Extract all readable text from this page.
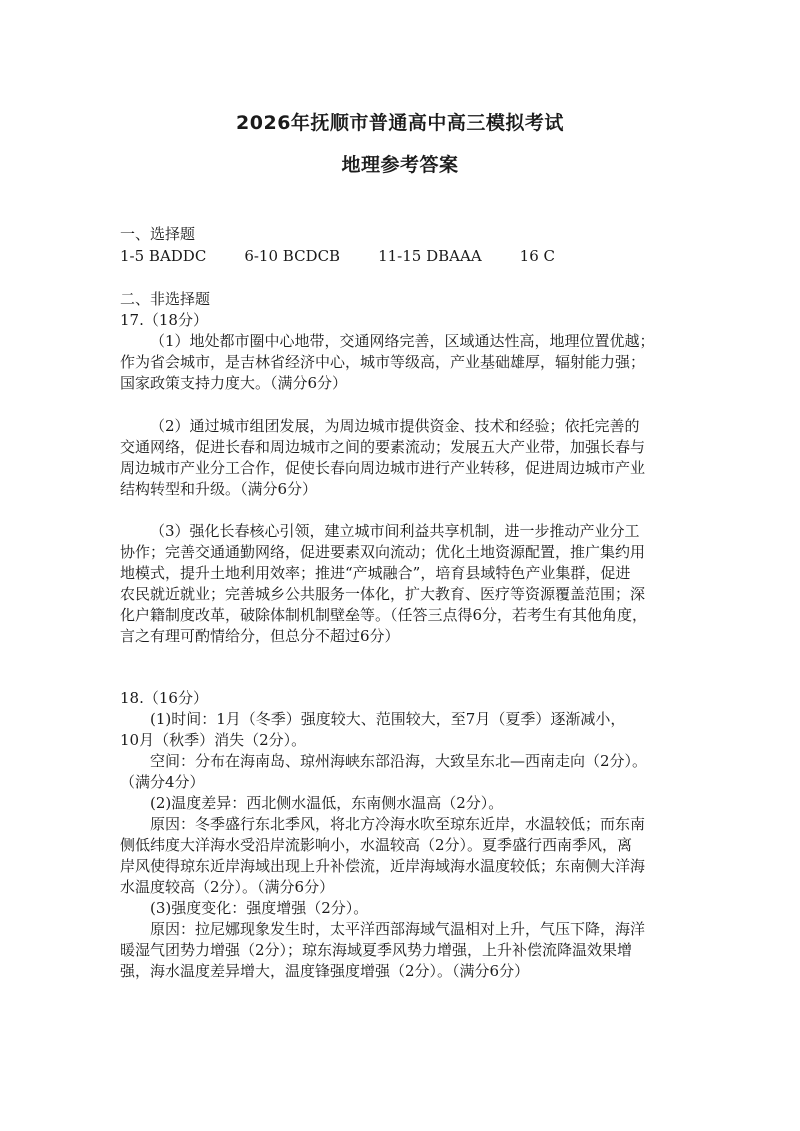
2026年抚顺市普通高中高三模拟考试
地理参考答案
一、选择题
1-5 BADDC	6-10 BCDCB	11-15 DBAAA	16 C
二、非选择题
17.（18分）
（1）地处都市圈中心地带，交通网络完善，区域通达性高，地理位置优越；
作为省会城市，是吉林省经济中心，城市等级高，产业基础雄厚，辐射能力强；
国家政策支持力度大。（满分6分）
（2）通过城市组团发展，为周边城市提供资金、技术和经验；依托完善的
交通网络，促进长春和周边城市之间的要素流动；发展五大产业带，加强长春与
周边城市产业分工合作，促使长春向周边城市进行产业转移，促进周边城市产业
结构转型和升级。（满分6分）
（3）强化长春核心引领，建立城市间利益共享机制，进一步推动产业分工
协作；完善交通通勤网络，促进要素双向流动；优化土地资源配置，推广集约用
地模式，提升土地利用效率；推进“产城融合”，培育县域特色产业集群，促进
农民就近就业；完善城乡公共服务一体化，扩大教育、医疗等资源覆盖范围；深
化户籍制度改革，破除体制机制壁垒等。（任答三点得6分，若考生有其他角度，
言之有理可酌情给分，但总分不超过6分）
18.（16分）
(1)时间：1月（冬季）强度较大、范围较大，至7月（夏季）逐渐减小，
10月（秋季）消失（2分）。
空间：分布在海南岛、琼州海峡东部沿海，大致呈东北—西南走向（2分）。
（满分4分）
(2)温度差异：西北侧水温低，东南侧水温高（2分）。
原因：冬季盛行东北季风，将北方冷海水吹至琼东近岸，水温较低；而东南
侧低纬度大洋海水受沿岸流影响小，水温较高（2分）。夏季盛行西南季风，离
岸风使得琼东近岸海域出现上升补偿流，近岸海域海水温度较低；东南侧大洋海
水温度较高（2分）。（满分6分）
(3)强度变化：强度增强（2分）。
原因：拉尼娜现象发生时，太平洋西部海域气温相对上升，气压下降，海洋
暖湿气团势力增强（2分）；琼东海域夏季风势力增强，上升补偿流降温效果增
强，海水温度差异增大，温度锋强度增强（2分）。（满分6分）
